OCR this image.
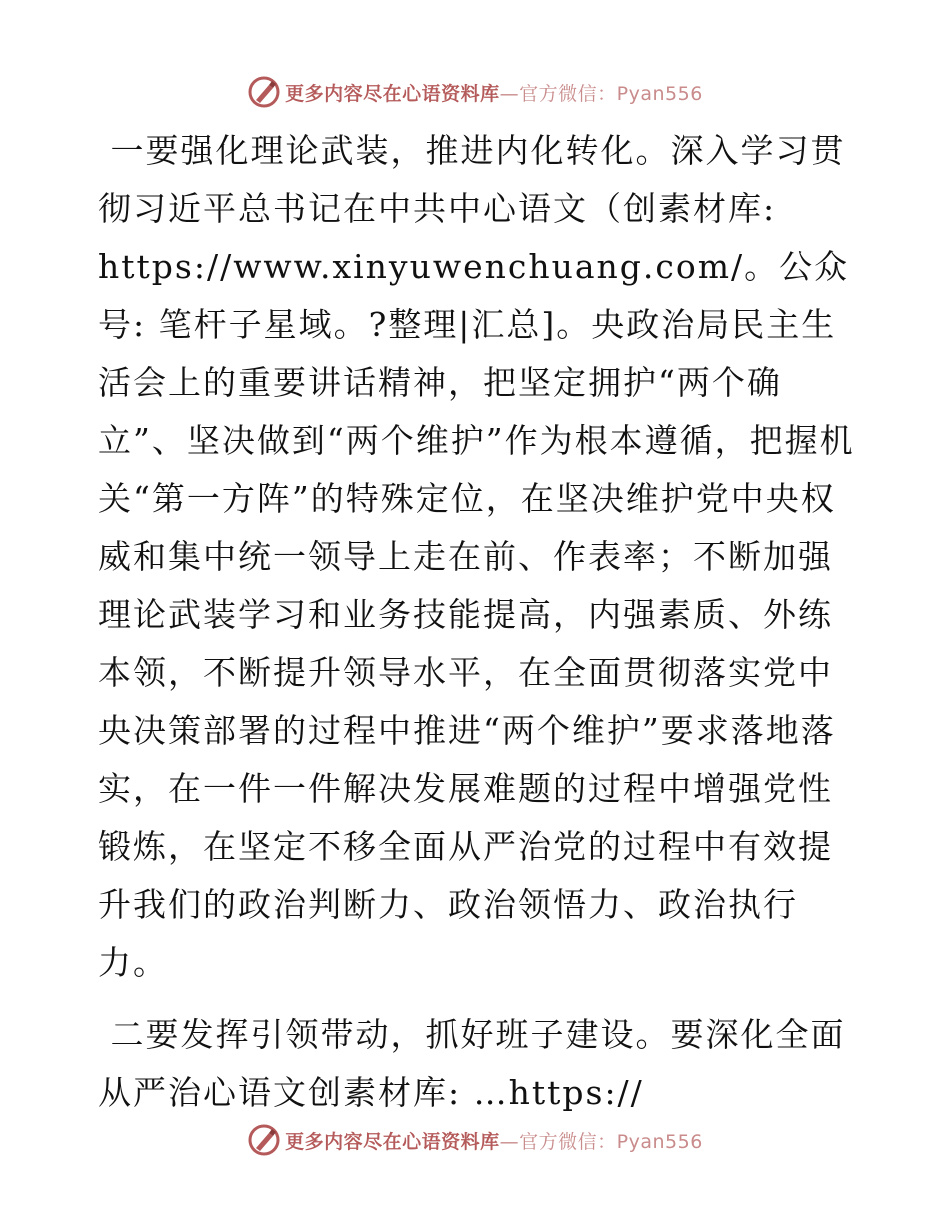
更多内容尽在心语资料库—官方微信：Pyan556

一要强化理论武装，推进内化转化。深入学习贯彻习近平总书记在中共中心语文（创素材库:
https://www.xinyuwenchuang.com/。公众号: 笔杆子星域。?整理|汇总]。央政治局民主生活会上的重要讲话精神，把坚定拥护“两个确立”、坚决做到“两个维护”作为根本遵循，把握机关“第一方阵”的特殊定位，在坚决维护党中央权威和集中统一领导上走在前、作表率；不断加强理论武装学习和业务技能提高，内强素质、外练本领，不断提升领导水平，在全面贯彻落实党中央决策部署的过程中推进“两个维护”要求落地落实，在一件一件解决发展难题的过程中增强党性锻炼，在坚定不移全面从严治党的过程中有效提升我们的政治判断力、政治领悟力、政治执行力。

二要发挥引领带动，抓好班子建设。要深化全面从严治心语文创素材库: …https://

更多内容尽在心语资料库—官方微信：Pyan556
